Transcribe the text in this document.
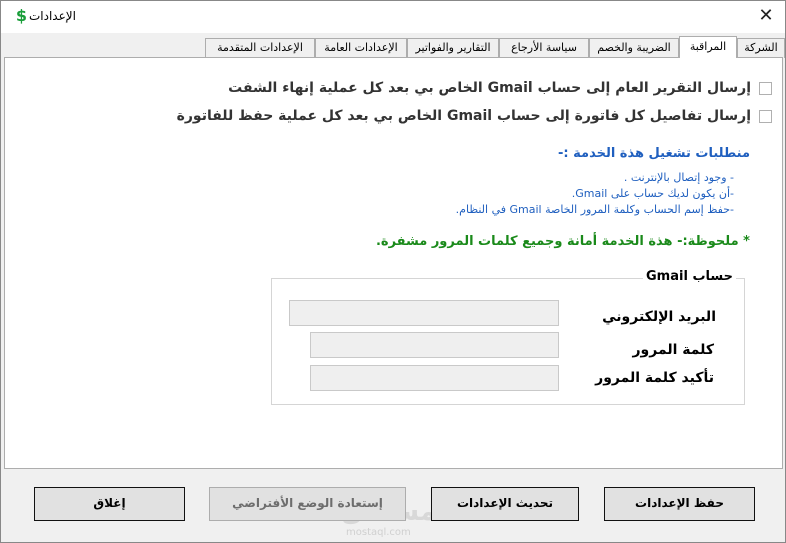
$ الإعدادات	✕
الشركة
المراقبة
الضريبة والخصم
سياسة الأرجاع
التقارير والفواتير
الإعدادات العامة
الإعدادات المتقدمة
إرسال التقرير العام إلى حساب Gmail الخاص بي بعد كل عملية إنهاء الشفت
إرسال تفاصيل كل فاتورة إلى حساب Gmail الخاص بي بعد كل عملية حفظ للفاتورة
منطلبات تشغيل هذة الخدمة :-
- وجود إتصال بالإنترنت .
-أن يكون لديك حساب على Gmail.
-حفظ إسم الحساب وكلمة المرور الخاصة Gmail في النظام.
* ملحوظة:- هذة الخدمة أمانة وجميع كلمات المرور مشفرة.
حساب Gmail
البريد الإلكتروني
كلمة المرور
تأكيد كلمة المرور
mostaql.com
حفظ الإعدادات
تحديث الإعدادات
إستعادة الوضع الأفتراضي
إغلاق
